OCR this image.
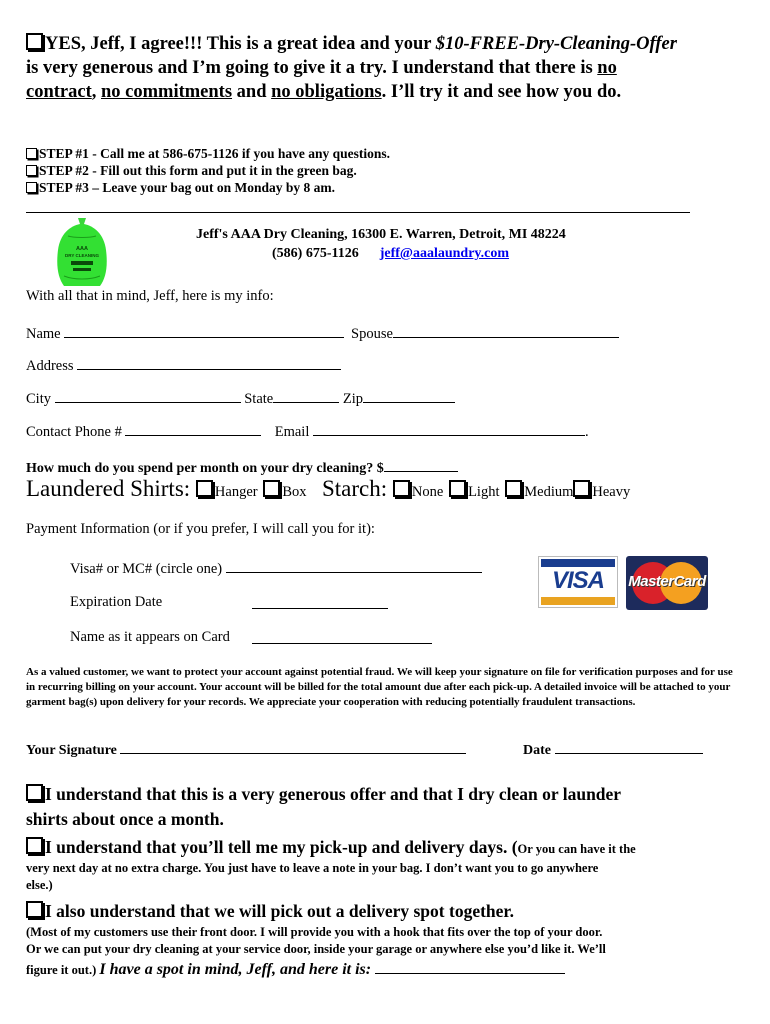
YES, Jeff, I agree!!! This is a great idea and your $10-FREE-Dry-Cleaning-Offer
is very generous and I’m going to give it a try. I understand that there is no
contract, no commitments and no obligations. I’ll try it and see how you do.
STEP #1 - Call me at 586-675-1126 if you have any questions.
STEP #2 - Fill out this form and put it in the green bag.
STEP #3 – Leave your bag out on Monday by 8 am.
AAA
DRY CLEANING
Jeff's AAA Dry Cleaning, 16300 E. Warren, Detroit, MI 48224
(586) 675-1126 jeff@aaalaundry.com
With all that in mind, Jeff, here is my info:
Name	Spouse
Address
City	State	Zip
Contact Phone #	Email	.
How much do you spend per month on your dry cleaning? $
Laundered Shirts: Hanger Box Starch: None Light Medium Heavy
Payment Information (or if you prefer, I will call you for it):
Visa# or MC# (circle one)
Expiration Date
Name as it appears on Card
VISA	MasterCard
As a valued customer, we want to protect your account against potential fraud. We will keep your signature on file for verification purposes and for use in recurring billing on your account. Your account will be billed for the total amount due after each pick-up. A detailed invoice will be attached to your garment bag(s) upon delivery for your records. We appreciate your cooperation with reducing potentially fraudulent transactions.
Your Signature	Date
I understand that this is a very generous offer and that I dry clean or launder
shirts about once a month.
I understand that you’ll tell me my pick-up and delivery days. (Or you can have it the
very next day at no extra charge. You just have to leave a note in your bag. I don’t want you to go anywhere
else.)
I also understand that we will pick out a delivery spot together.
(Most of my customers use their front door. I will provide you with a hook that fits over the top of your door.
Or we can put your dry cleaning at your service door, inside your garage or anywhere else you’d like it. We’ll
figure it out.) I have a spot in mind, Jeff, and here it is:
